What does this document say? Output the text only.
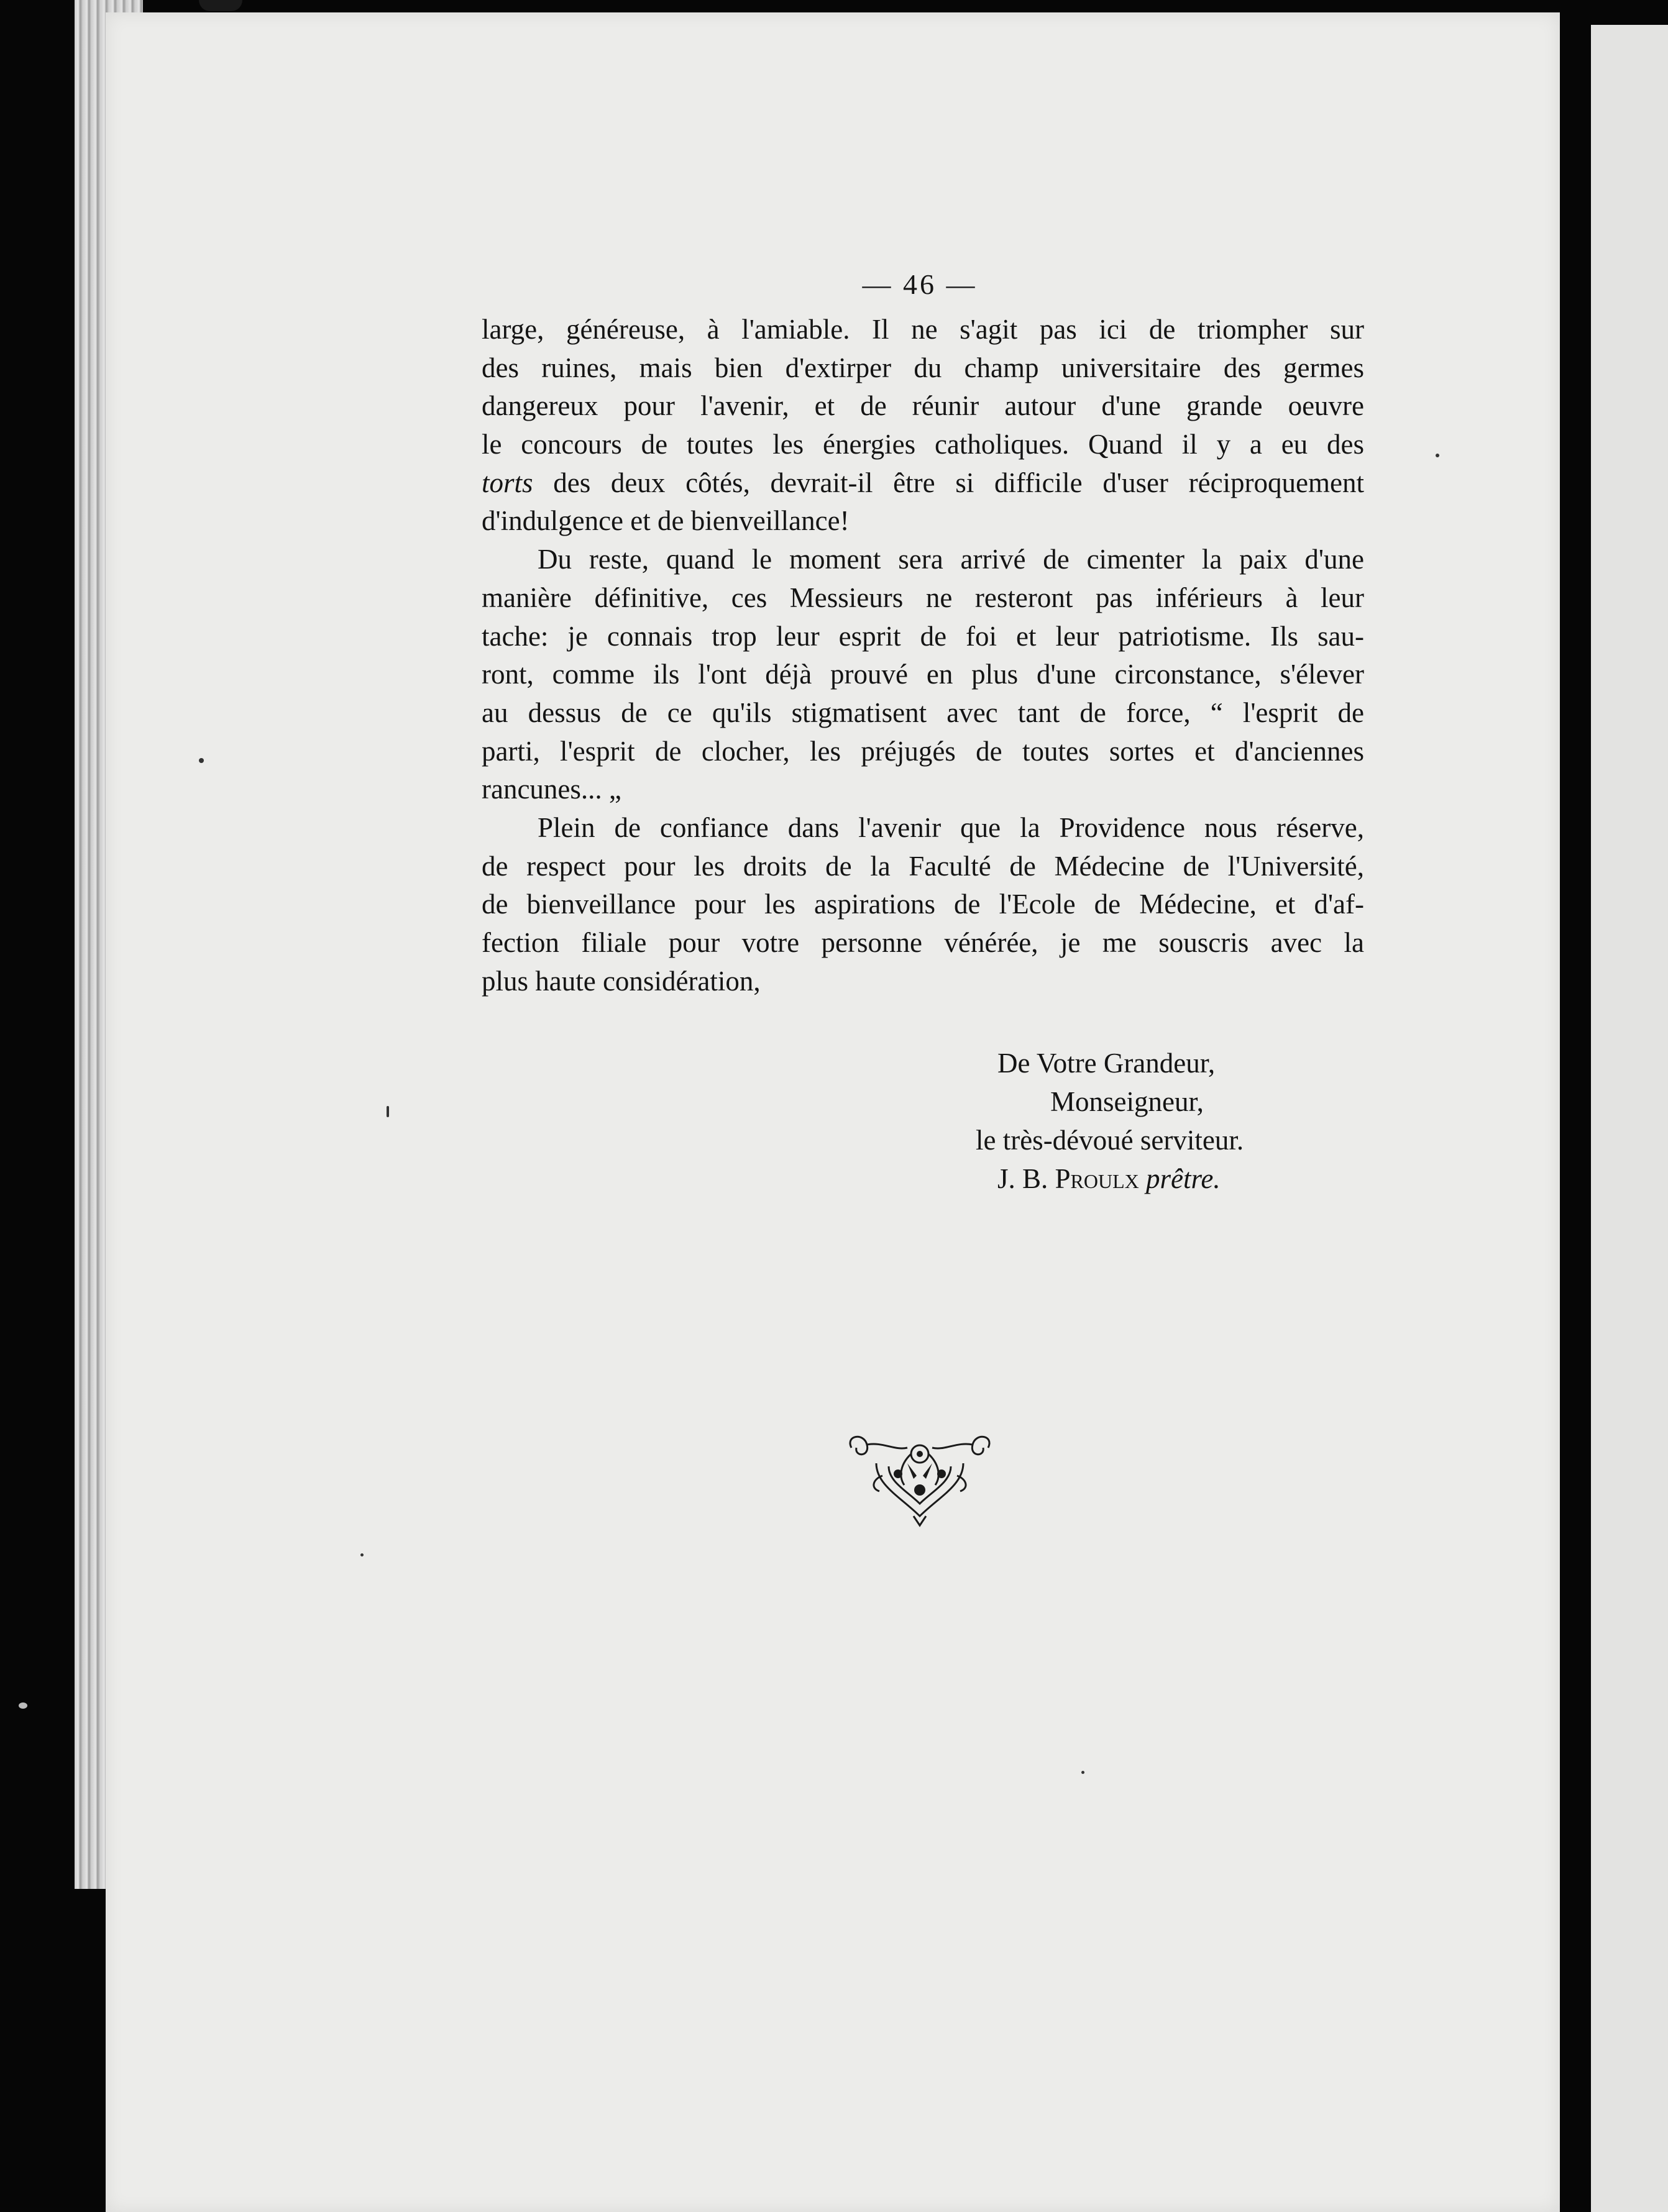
— 46 —
large, généreuse, à l'amiable. Il ne s'agit pas ici de triompher sur
des ruines, mais bien d'extirper du champ universitaire des germes
dangereux pour l'avenir, et de réunir autour d'une grande oeuvre
le concours de toutes les énergies catholiques. Quand il y a eu des
torts des deux côtés, devrait-il être si difficile d'user réciproquement
d'indulgence et de bienveillance!
Du reste, quand le moment sera arrivé de cimenter la paix d'une
manière définitive, ces Messieurs ne resteront pas inférieurs à leur
tache: je connais trop leur esprit de foi et leur patriotisme. Ils sau-
ront, comme ils l'ont déjà prouvé en plus d'une circonstance, s'élever
au dessus de ce qu'ils stigmatisent avec tant de force, “ l'esprit de
parti, l'esprit de clocher, les préjugés de toutes sortes et d'anciennes
rancunes... „
Plein de confiance dans l'avenir que la Providence nous réserve,
de respect pour les droits de la Faculté de Médecine de l'Université,
de bienveillance pour les aspirations de l'Ecole de Médecine, et d'af-
fection filiale pour votre personne vénérée, je me souscris avec la
plus haute considération,
De Votre Grandeur,
Monseigneur,
le très-dévoué serviteur.
J. B. Proulx prêtre.
